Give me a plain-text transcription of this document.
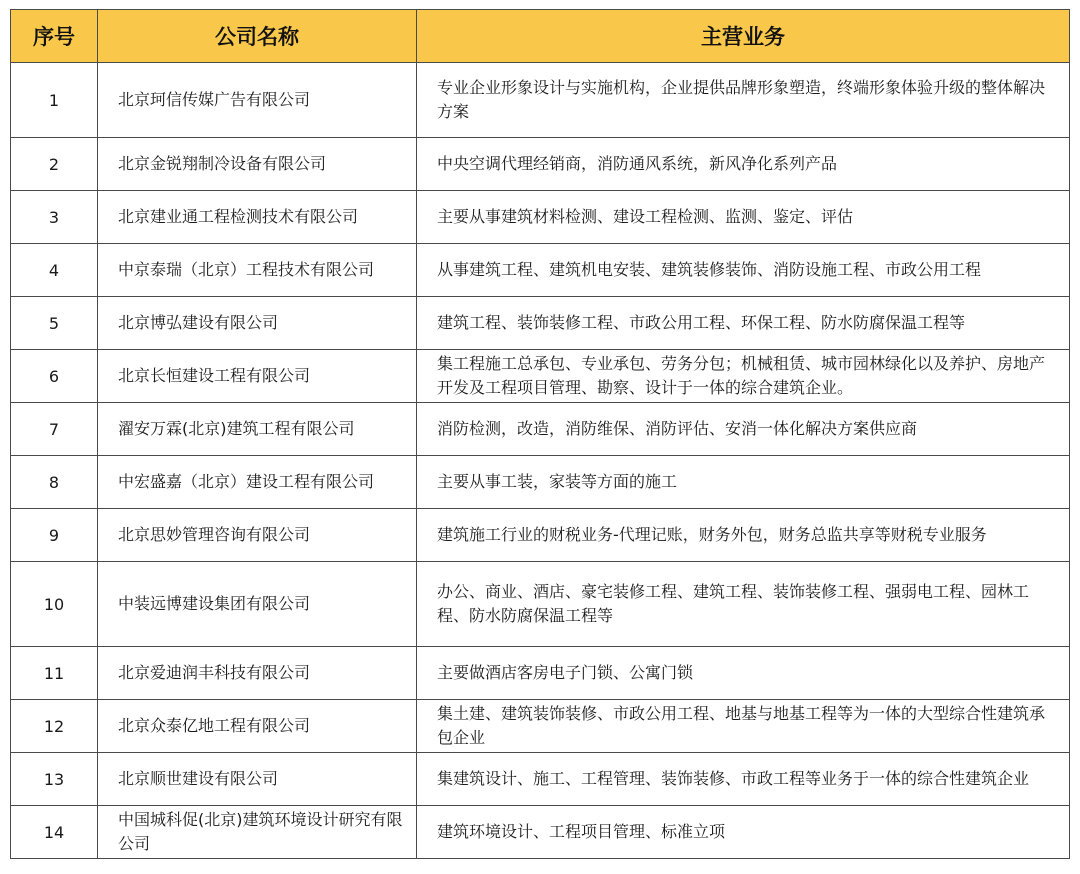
序号	公司名称	主营业务
1	北京珂信传媒广告有限公司	专业企业形象设计与实施机构，企业提供品牌形象塑造，终端形象体验升级的整体解决方案
2	北京金锐翔制冷设备有限公司	中央空调代理经销商，消防通风系统，新风净化系列产品
3	北京建业通工程检测技术有限公司	主要从事建筑材料检测、建设工程检测、监测、鉴定、评估
4	中京泰瑞（北京）工程技术有限公司	从事建筑工程、建筑机电安装、建筑装修装饰、消防设施工程、市政公用工程
5	北京博弘建设有限公司	建筑工程、装饰装修工程、市政公用工程、环保工程、防水防腐保温工程等
6	北京长恒建设工程有限公司	集工程施工总承包、专业承包、劳务分包；机械租赁、城市园林绿化以及养护、房地产开发及工程项目管理、勘察、设计于一体的综合建筑企业。
7	濯安万霖(北京)建筑工程有限公司	消防检测，改造，消防维保、消防评估、安消一体化解决方案供应商
8	中宏盛嘉（北京）建设工程有限公司	主要从事工装，家装等方面的施工
9	北京思妙管理咨询有限公司	建筑施工行业的财税业务-代理记账，财务外包，财务总监共享等财税专业服务
10	中装远博建设集团有限公司	办公、商业、酒店、豪宅装修工程、建筑工程、装饰装修工程、强弱电工程、园林工程、防水防腐保温工程等
11	北京爱迪润丰科技有限公司	主要做酒店客房电子门锁、公寓门锁
12	北京众泰亿地工程有限公司	集土建、建筑装饰装修、市政公用工程、地基与地基工程等为一体的大型综合性建筑承包企业
13	北京顺世建设有限公司	集建筑设计、施工、工程管理、装饰装修、市政工程等业务于一体的综合性建筑企业
14	中国城科促(北京)建筑环境设计研究有限公司	建筑环境设计、工程项目管理、标准立项
